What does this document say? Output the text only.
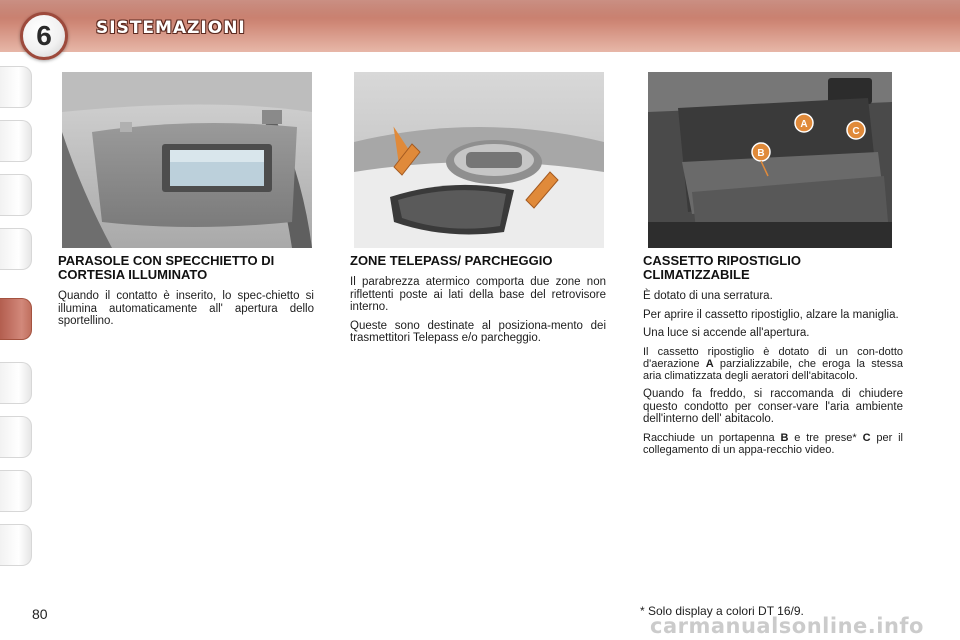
6	SISTEMAZIONI
A
C
B
PARASOLE CON SPECCHIETTO DI CORTESIA ILLUMINATO

Quando il contatto è inserito, lo spec-chietto si illumina automaticamente all' apertura dello sportellino.

ZONE TELEPASS/ PARCHEGGIO

Il parabrezza atermico comporta due zone non riflettenti poste ai lati della base del retrovisore interno.

Queste sono destinate al posiziona-mento dei trasmettitori Telepass e/o parcheggio.

CASSETTO RIPOSTIGLIO CLIMATIZZABILE

È dotato di una serratura.

Per aprire il cassetto ripostiglio, alzare la maniglia.

Una luce si accende all'apertura.

Il cassetto ripostiglio è dotato di un con-dotto d'aerazione A parzializzabile, che eroga la stessa aria climatizzata degli aeratori dell'abitacolo.

Quando fa freddo, si raccomanda di chiudere questo condotto per conser-vare l'aria ambiente dell'interno dell' abitacolo.

Racchiude un portapenna B e tre prese* C per il collegamento di un appa-recchio video.

* Solo display a colori DT 16/9.
80	carmanualsonline.info
